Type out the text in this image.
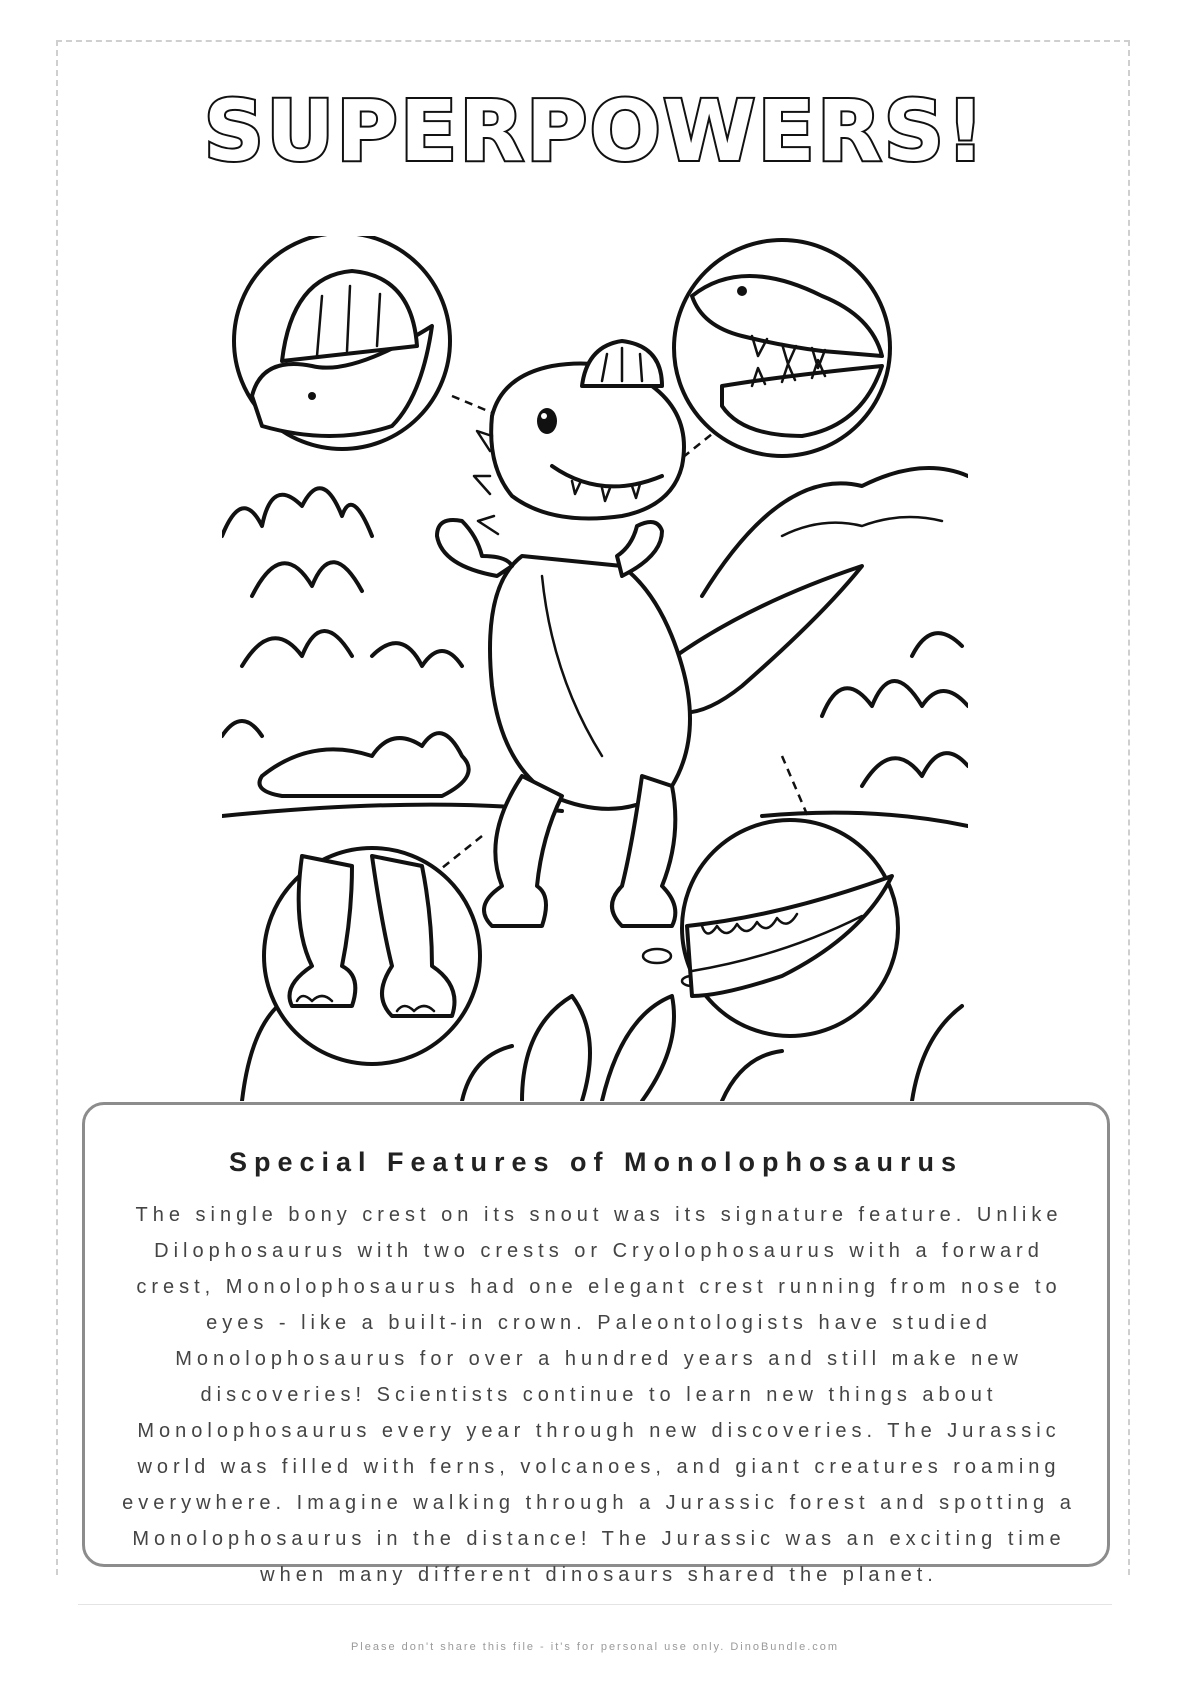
SUPERPOWERS!
Special Features of Monolophosaurus
The single bony crest on its snout was its signature feature. Unlike Dilophosaurus with two crests or Cryolophosaurus with a forward crest, Monolophosaurus had one elegant crest running from nose to eyes - like a built-in crown. Paleontologists have studied Monolophosaurus for over a hundred years and still make new discoveries! Scientists continue to learn new things about Monolophosaurus every year through new discoveries. The Jurassic world was filled with ferns, volcanoes, and giant creatures roaming everywhere. Imagine walking through a Jurassic forest and spotting a Monolophosaurus in the distance! The Jurassic was an exciting time when many different dinosaurs shared the planet.
Please don't share this file - it's for personal use only. DinoBundle.com
